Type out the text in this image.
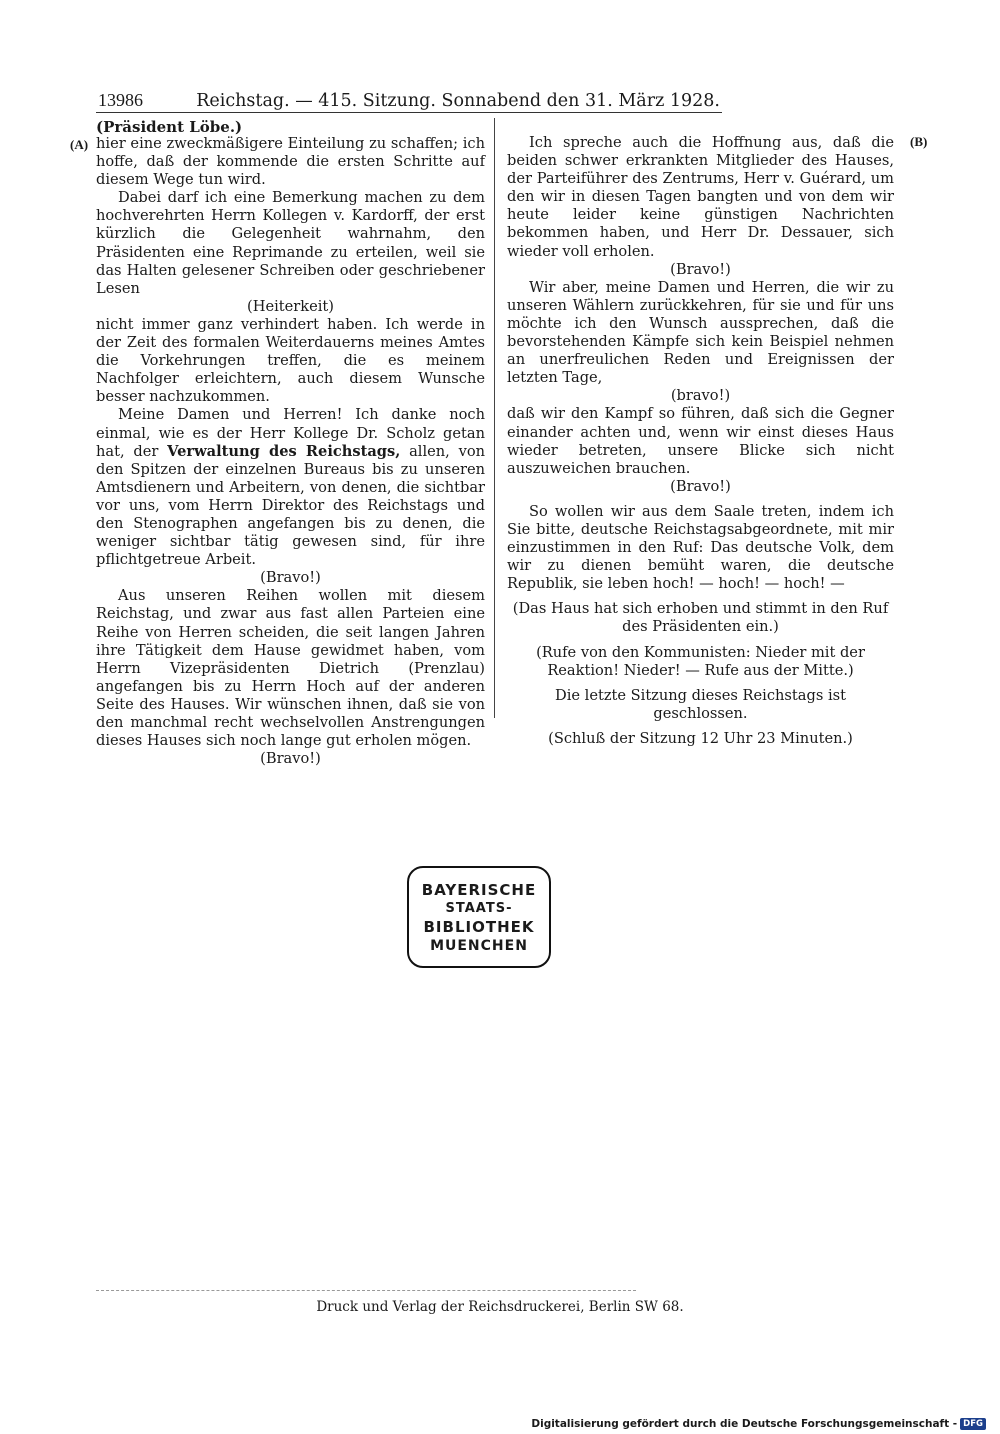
13986	Reichstag. — 415. Sitzung. Sonnabend den 31. März 1928.
(Präsident Löbe.)
(A)	(B)

hier eine zweckmäßigere Einteilung zu schaffen; ich hoffe, daß der kommende die ersten Schritte auf diesem Wege tun wird.

Dabei darf ich eine Bemerkung machen zu dem hochverehrten Herrn Kollegen v. Kardorff, der erst kürzlich die Gelegenheit wahrnahm, den Präsidenten eine Reprimande zu erteilen, weil sie das Halten gelesener Schreiben oder geschriebener Lesen

(Heiterkeit)

nicht immer ganz verhindert haben. Ich werde in der Zeit des formalen Weiterdauerns meines Amtes die Vorkehrungen treffen, die es meinem Nachfolger erleichtern, auch diesem Wunsche besser nachzukommen.

Meine Damen und Herren! Ich danke noch einmal, wie es der Herr Kollege Dr. Scholz getan hat, der Verwaltung des Reichstags, allen, von den Spitzen der einzelnen Bureaus bis zu unseren Amtsdienern und Arbeitern, von denen, die sichtbar vor uns, vom Herrn Direktor des Reichstags und den Stenographen angefangen bis zu denen, die weniger sichtbar tätig gewesen sind, für ihre pflichtgetreue Arbeit.

(Bravo!)

Aus unseren Reihen wollen mit diesem Reichstag, und zwar aus fast allen Parteien eine Reihe von Herren scheiden, die seit langen Jahren ihre Tätigkeit dem Hause gewidmet haben, vom Herrn Vizepräsidenten Dietrich (Prenzlau) angefangen bis zu Herrn Hoch auf der anderen Seite des Hauses. Wir wünschen ihnen, daß sie von den manchmal recht wechselvollen Anstrengungen dieses Hauses sich noch lange gut erholen mögen.

(Bravo!)

Ich spreche auch die Hoffnung aus, daß die beiden schwer erkrankten Mitglieder des Hauses, der Parteiführer des Zentrums, Herr v. Guérard, um den wir in diesen Tagen bangten und von dem wir heute leider keine günstigen Nachrichten bekommen haben, und Herr Dr. Dessauer, sich wieder voll erholen.

(Bravo!)

Wir aber, meine Damen und Herren, die wir zu unseren Wählern zurückkehren, für sie und für uns möchte ich den Wunsch aussprechen, daß die bevorstehenden Kämpfe sich kein Beispiel nehmen an unerfreulichen Reden und Ereignissen der letzten Tage,

(bravo!)

daß wir den Kampf so führen, daß sich die Gegner einander achten und, wenn wir einst dieses Haus wieder betreten, unsere Blicke sich nicht auszuweichen brauchen.

(Bravo!)

So wollen wir aus dem Saale treten, indem ich Sie bitte, deutsche Reichstagsabgeordnete, mit mir einzustimmen in den Ruf: Das deutsche Volk, dem wir zu dienen bemüht waren, die deutsche Republik, sie leben hoch! — hoch! — hoch! —

(Das Haus hat sich erhoben und stimmt in den Ruf des Präsidenten ein.)

(Rufe von den Kommunisten: Nieder mit der Reaktion! Nieder! — Rufe aus der Mitte.)

Die letzte Sitzung dieses Reichstags ist geschlossen.

(Schluß der Sitzung 12 Uhr 23 Minuten.)

BAYERISCHE
STAATS-
BIBLIOTHEK
MUENCHEN
Druck und Verlag der Reichsdruckerei, Berlin SW 68.
Digitalisierung gefördert durch die Deutsche Forschungsgemeinschaft - DFG
